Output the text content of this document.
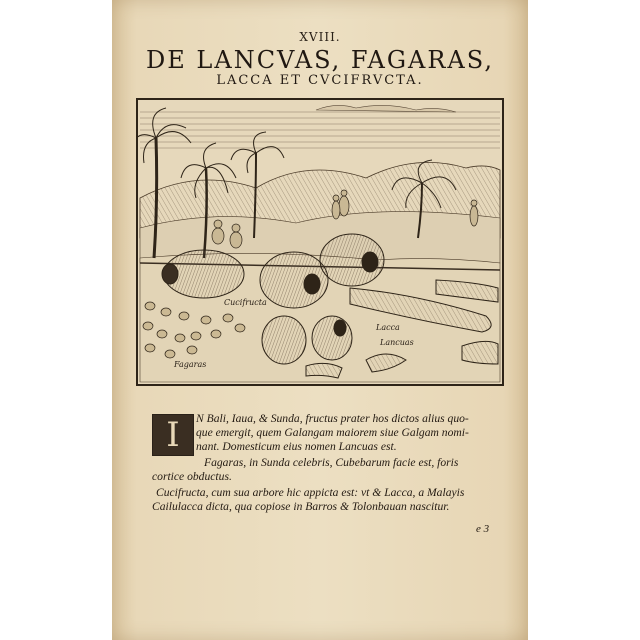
XVIII.
DE LANCVAS, FAGARAS,
LACCA ET CVCIFRVCTA.
Cucifructa
Lacca
Lancuas
Fagaras
I	N Bali, Iaua, & Sunda, fructus prater hos dictos alius quo-
que emergit, quem Galangam maiorem siue Galgam nomi-
nant. Domesticum eius nomen Lancuas est.
Fagaras, in Sunda celebris, Cubebarum facie est, foris
cortice obductus.
Cucifructa, cum sua arbore hic appicta est: vt & Lacca, a Malayis
Cailulacca dicta, qua copiose in Barros & Tolonbauan nascitur.
e 3
